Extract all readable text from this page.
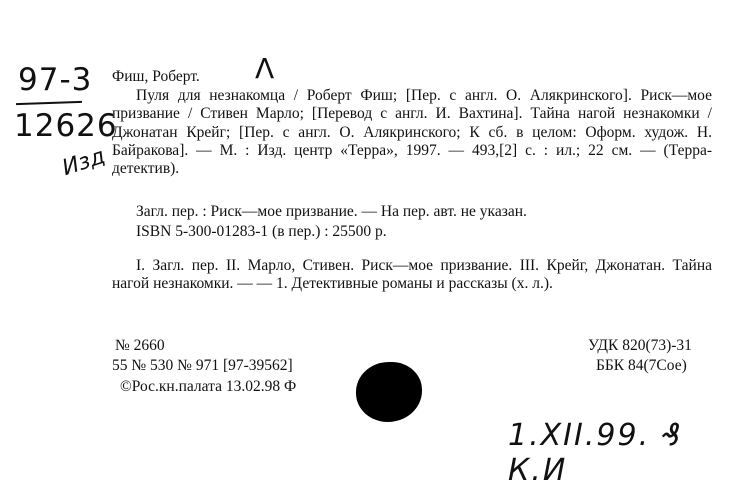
97-3
12626
Изд
Λ
Фиш, Роберт.
Пуля для незнакомца / Роберт Фиш; [Пер. с англ. О. Алякринского]. Риск—мое призвание / Стивен Марло; [Перевод с англ. И. Вахтина]. Тайна нагой незнакомки / Джонатан Крейг; [Пер. с англ. О. Алякринского; К сб. в целом: Оформ. худож. Н. Байракова]. — М. : Изд. центр «Терра», 1997. — 493,[2] с. : ил.; 22 см. — (Терра-детектив).
Загл. пер. : Риск—мое призвание. — На пер. авт. не указан.
ISBN 5-300-01283-1 (в пер.) : 25500 р.
I. Загл. пер. II. Марло, Стивен. Риск—мое призвание. III. Крейг, Джонатан. Тайна нагой незнакомки. — — 1. Детективные романы и рассказы (х. л.).
№ 2660
55 № 530 № 971 [97-39562]
©Рос.кн.палата 13.02.98 Ф
УДК 820(73)-31
ББК 84(7Сое)
1.XII.99. ₰ К.И
